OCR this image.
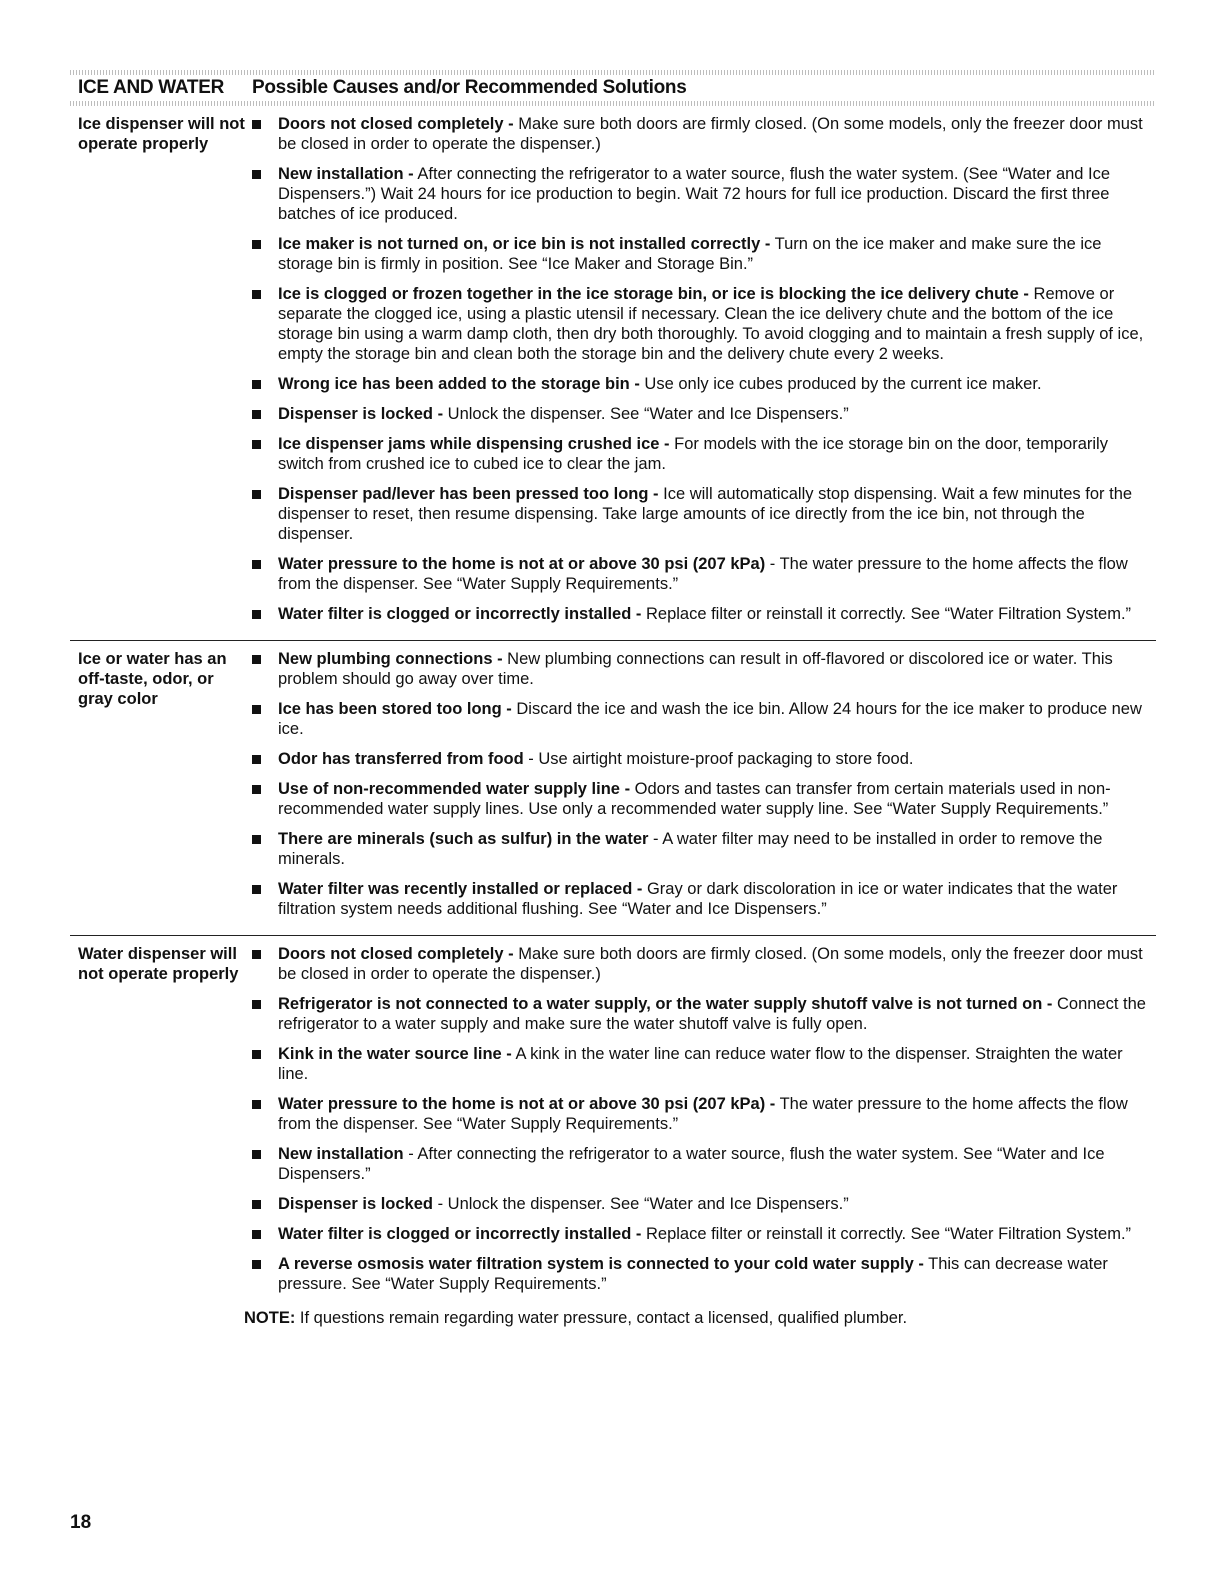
ICE AND WATER	Possible Causes and/or Recommended Solutions
Ice dispenser will not operate properly
Doors not closed completely - Make sure both doors are firmly closed. (On some models, only the freezer door must be closed in order to operate the dispenser.)
New installation - After connecting the refrigerator to a water source, flush the water system. (See “Water and Ice Dispensers.”) Wait 24 hours for ice production to begin. Wait 72 hours for full ice production. Discard the first three batches of ice produced.
Ice maker is not turned on, or ice bin is not installed correctly - Turn on the ice maker and make sure the ice storage bin is firmly in position. See “Ice Maker and Storage Bin.”
Ice is clogged or frozen together in the ice storage bin, or ice is blocking the ice delivery chute - Remove or separate the clogged ice, using a plastic utensil if necessary. Clean the ice delivery chute and the bottom of the ice storage bin using a warm damp cloth, then dry both thoroughly. To avoid clogging and to maintain a fresh supply of ice, empty the storage bin and clean both the storage bin and the delivery chute every 2 weeks.
Wrong ice has been added to the storage bin - Use only ice cubes produced by the current ice maker.
Dispenser is locked - Unlock the dispenser. See “Water and Ice Dispensers.”
Ice dispenser jams while dispensing crushed ice - For models with the ice storage bin on the door, temporarily switch from crushed ice to cubed ice to clear the jam.
Dispenser pad/lever has been pressed too long - Ice will automatically stop dispensing. Wait a few minutes for the dispenser to reset, then resume dispensing. Take large amounts of ice directly from the ice bin, not through the dispenser.
Water pressure to the home is not at or above 30 psi (207 kPa) - The water pressure to the home affects the flow from the dispenser. See “Water Supply Requirements.”
Water filter is clogged or incorrectly installed - Replace filter or reinstall it correctly. See “Water Filtration System.”
Ice or water has an off-taste, odor, or gray color
New plumbing connections - New plumbing connections can result in off-flavored or discolored ice or water. This problem should go away over time.
Ice has been stored too long - Discard the ice and wash the ice bin. Allow 24 hours for the ice maker to produce new ice.
Odor has transferred from food - Use airtight moisture-proof packaging to store food.
Use of non-recommended water supply line - Odors and tastes can transfer from certain materials used in non-recommended water supply lines. Use only a recommended water supply line. See “Water Supply Requirements.”
There are minerals (such as sulfur) in the water - A water filter may need to be installed in order to remove the minerals.
Water filter was recently installed or replaced - Gray or dark discoloration in ice or water indicates that the water filtration system needs additional flushing. See “Water and Ice Dispensers.”
Water dispenser will not operate properly
Doors not closed completely - Make sure both doors are firmly closed. (On some models, only the freezer door must be closed in order to operate the dispenser.)
Refrigerator is not connected to a water supply, or the water supply shutoff valve is not turned on - Connect the refrigerator to a water supply and make sure the water shutoff valve is fully open.
Kink in the water source line - A kink in the water line can reduce water flow to the dispenser. Straighten the water line.
Water pressure to the home is not at or above 30 psi (207 kPa) - The water pressure to the home affects the flow from the dispenser. See “Water Supply Requirements.”
New installation - After connecting the refrigerator to a water source, flush the water system. See “Water and Ice Dispensers.”
Dispenser is locked - Unlock the dispenser. See “Water and Ice Dispensers.”
Water filter is clogged or incorrectly installed - Replace filter or reinstall it correctly. See “Water Filtration System.”
A reverse osmosis water filtration system is connected to your cold water supply - This can decrease water pressure. See “Water Supply Requirements.”
NOTE: If questions remain regarding water pressure, contact a licensed, qualified plumber.
18
